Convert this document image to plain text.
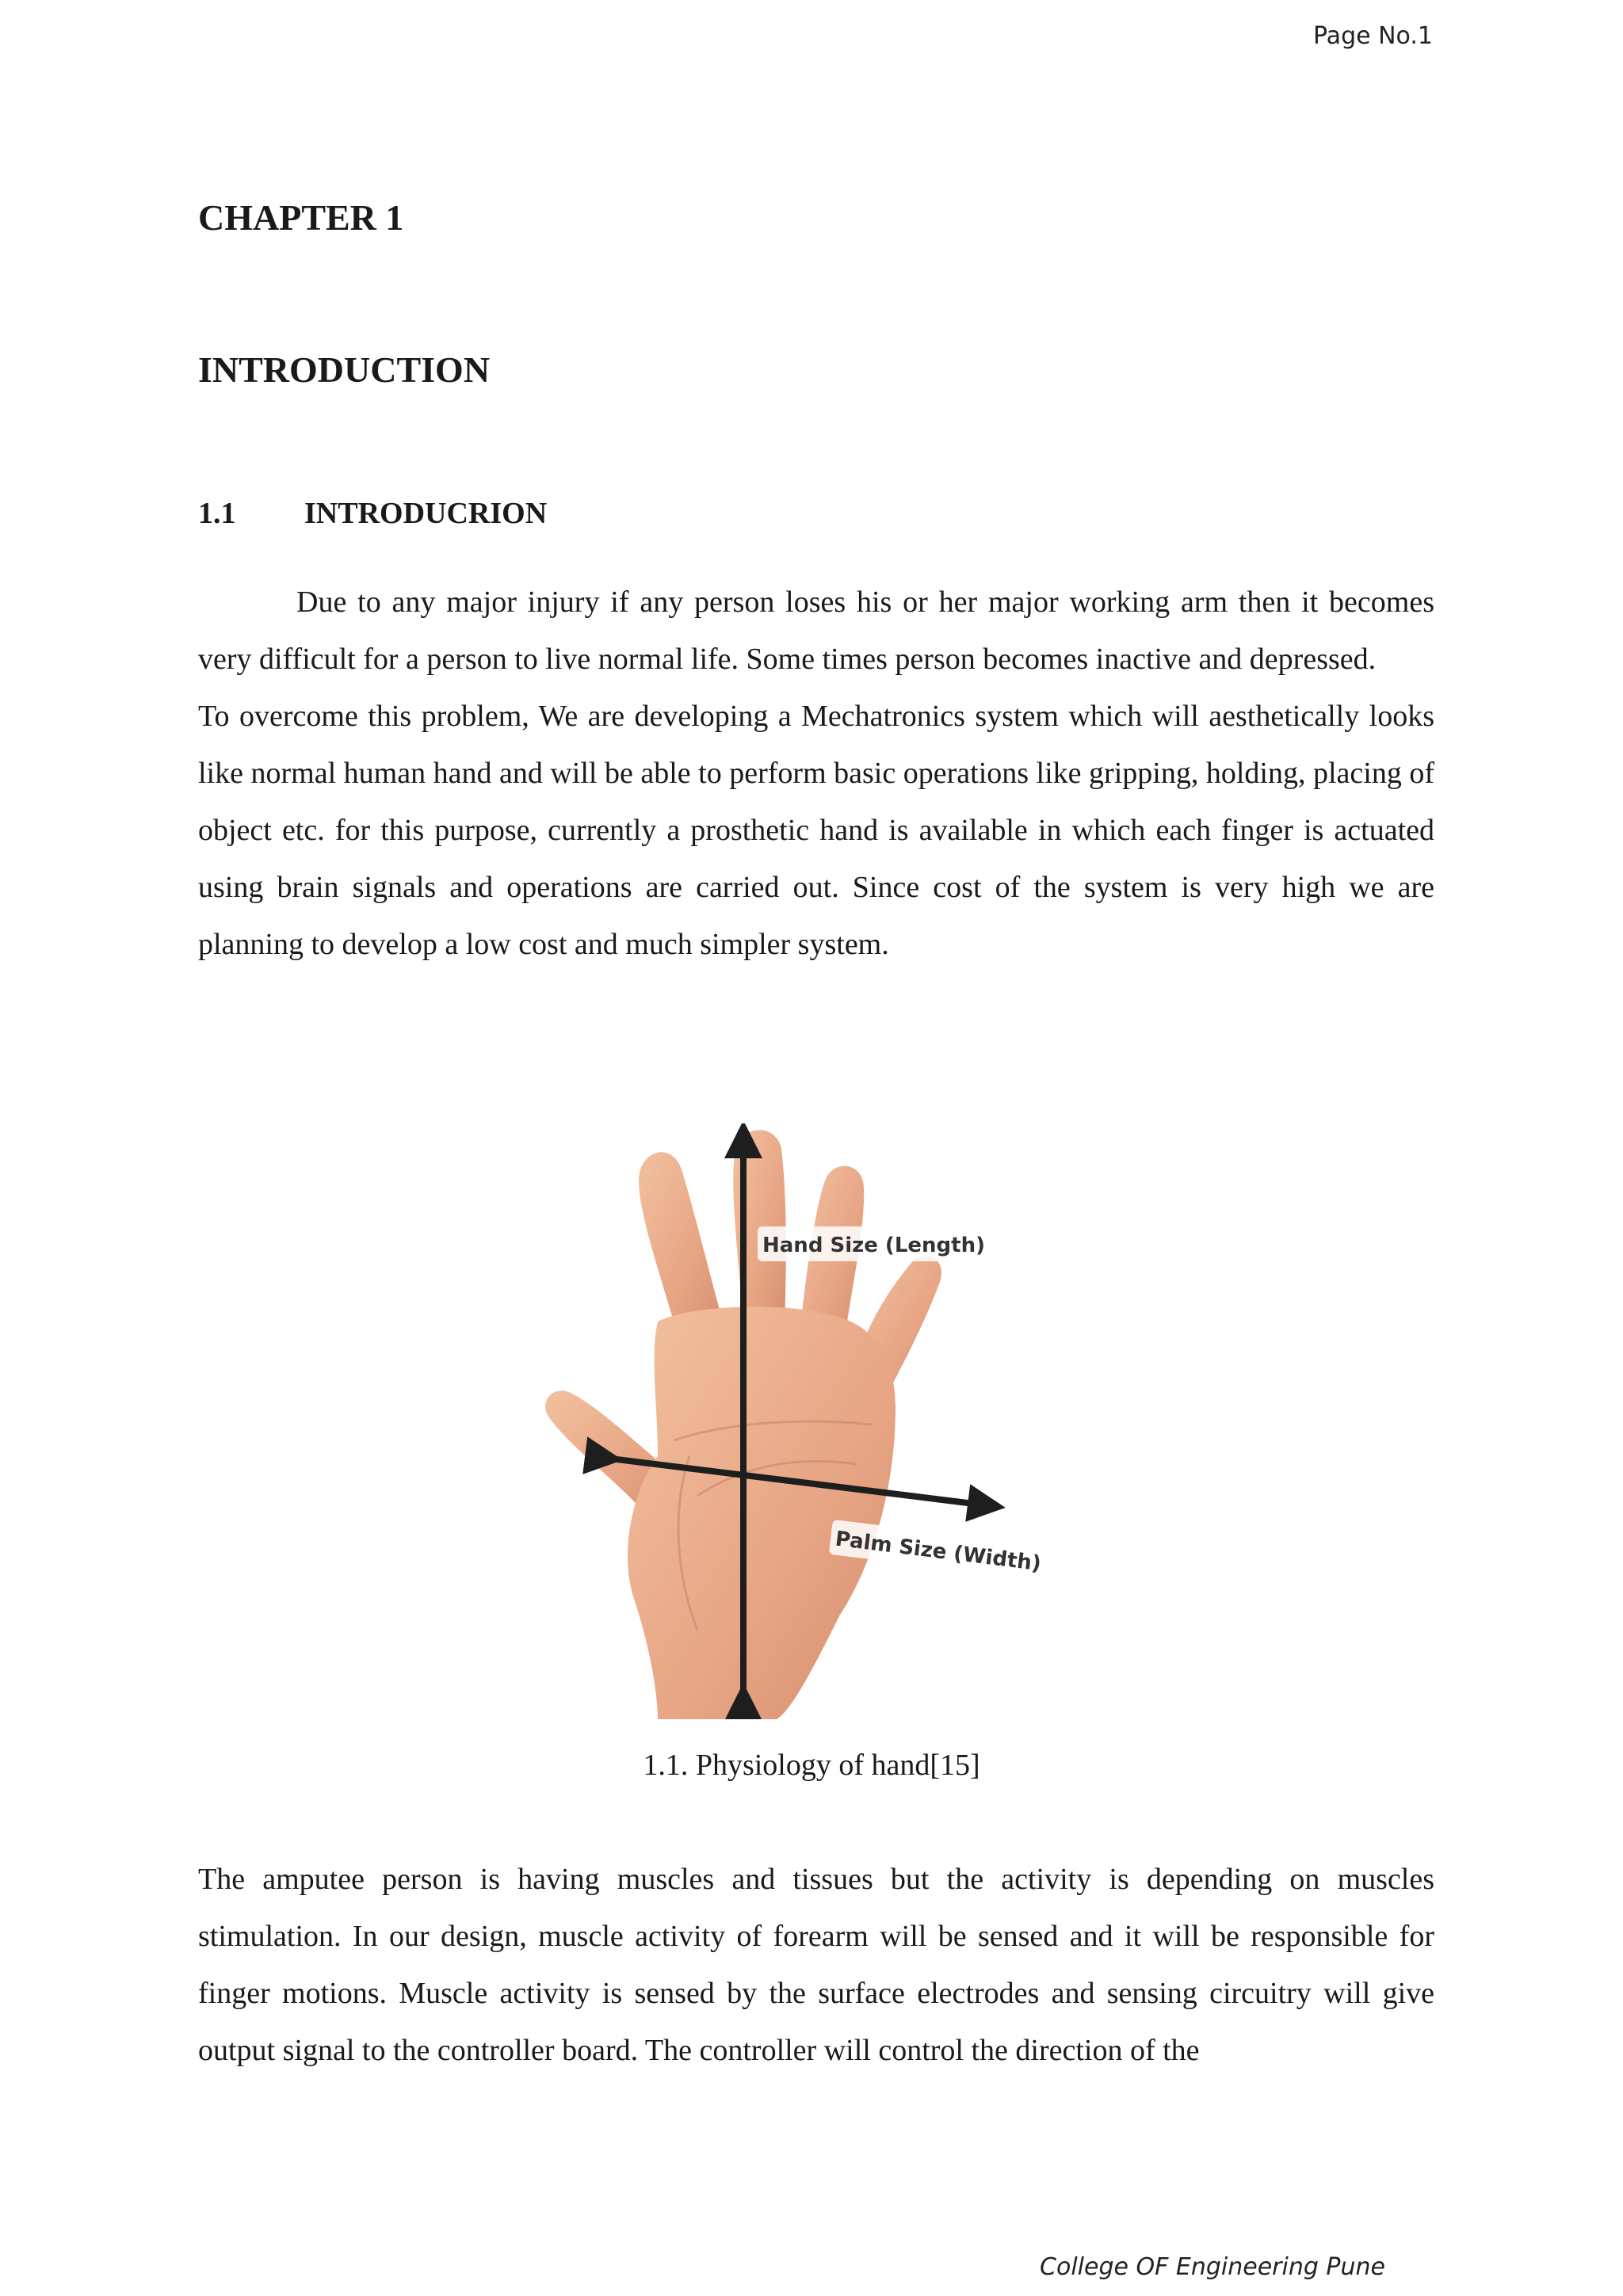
Page No.1
CHAPTER 1
INTRODUCTION
1.1 INTRODUCRION

Due to any major injury if any person loses his or her major working arm then it becomes very difficult for a person to live normal life. Some times person becomes inactive and depressed.

To overcome this problem, We are developing a Mechatronics system which will aesthetically looks like normal human hand and will be able to perform basic operations like gripping, holding, placing of object etc. for this purpose, currently a prosthetic hand is available in which each finger is actuated using brain signals and operations are carried out. Since cost of the system is very high we are planning to develop a low cost and much simpler system.

Hand Size (Length)
Palm Size (Width)
1.1. Physiology of hand[15]

The amputee person is having muscles and tissues but the activity is depending on muscles stimulation. In our design, muscle activity of forearm will be sensed and it will be responsible for finger motions. Muscle activity is sensed by the surface electrodes and sensing circuitry will give output signal to the controller board. The controller will control the direction of the

College OF Engineering Pune
